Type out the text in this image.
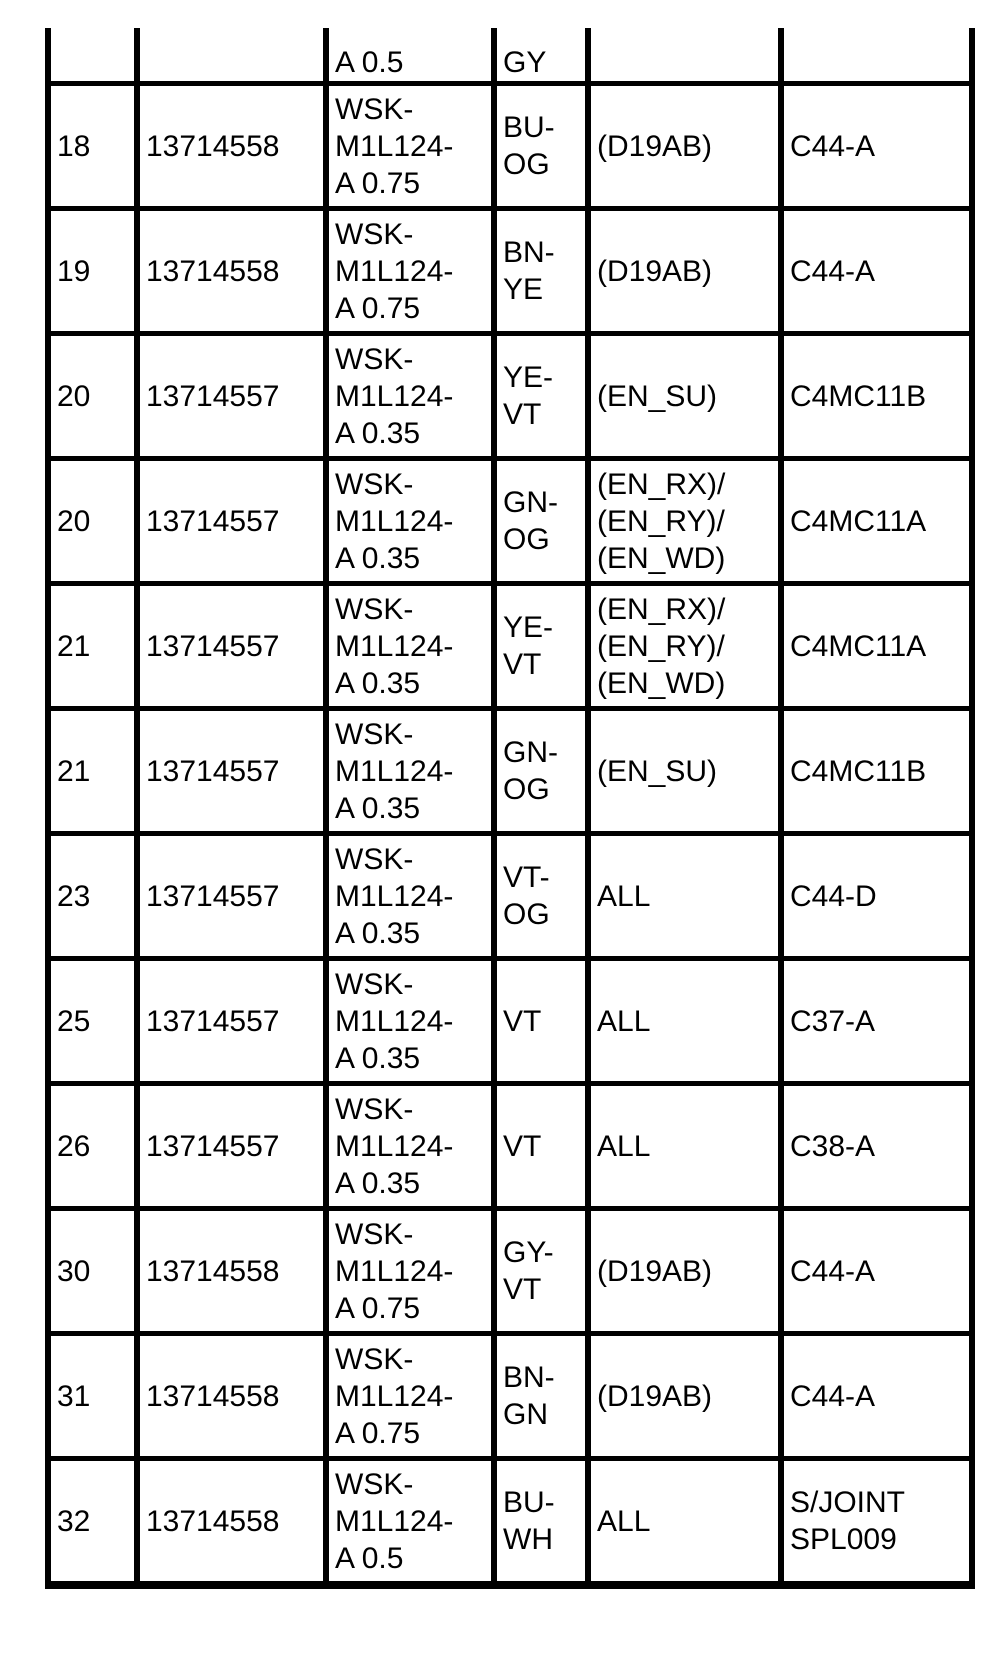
		A 0.5	GY		
18	13714558	WSK-
M1L124-
A 0.75	BU-
OG	(D19AB)	C44-A
19	13714558	WSK-
M1L124-
A 0.75	BN-
YE	(D19AB)	C44-A
20	13714557	WSK-
M1L124-
A 0.35	YE-
VT	(EN_SU)	C4MC11B
20	13714557	WSK-
M1L124-
A 0.35	GN-
OG	(EN_RX)/
(EN_RY)/
(EN_WD)	C4MC11A
21	13714557	WSK-
M1L124-
A 0.35	YE-
VT	(EN_RX)/
(EN_RY)/
(EN_WD)	C4MC11A
21	13714557	WSK-
M1L124-
A 0.35	GN-
OG	(EN_SU)	C4MC11B
23	13714557	WSK-
M1L124-
A 0.35	VT-
OG	ALL	C44-D
25	13714557	WSK-
M1L124-
A 0.35	VT	ALL	C37-A
26	13714557	WSK-
M1L124-
A 0.35	VT	ALL	C38-A
30	13714558	WSK-
M1L124-
A 0.75	GY-
VT	(D19AB)	C44-A
31	13714558	WSK-
M1L124-
A 0.75	BN-
GN	(D19AB)	C44-A
32	13714558	WSK-
M1L124-
A 0.5	BU-
WH	ALL	S/JOINT
SPL009
